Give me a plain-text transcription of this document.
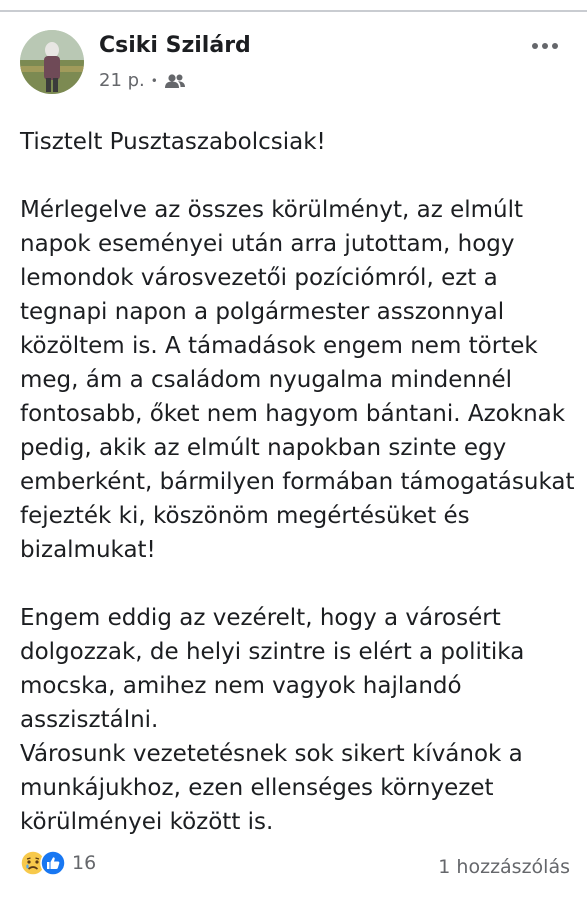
Csiki Szilárd
21 p. •
Tisztelt Pusztaszabolcsiak!

Mérlegelve az összes körülményt, az elmúlt napok eseményei után arra jutottam, hogy lemondok városvezetői pozíciómról, ezt a tegnapi napon a polgármester asszonnyal közöltem is. A támadások engem nem törtek meg, ám a családom nyugalma mindennél fontosabb, őket nem hagyom bántani. Azoknak pedig, akik az elmúlt napokban szinte egy emberként, bármilyen formában támogatásukat fejezték ki, köszönöm megértésüket és bizalmukat!

Engem eddig az vezérelt, hogy a városért dolgozzak, de helyi szintre is elért a politika mocska, amihez nem vagyok hajlandó asszisztálni.
Városunk vezetetésnek sok sikert kívánok a munkájukhoz, ezen ellenséges környezet körülményei között is.
16	1 hozzászólás
